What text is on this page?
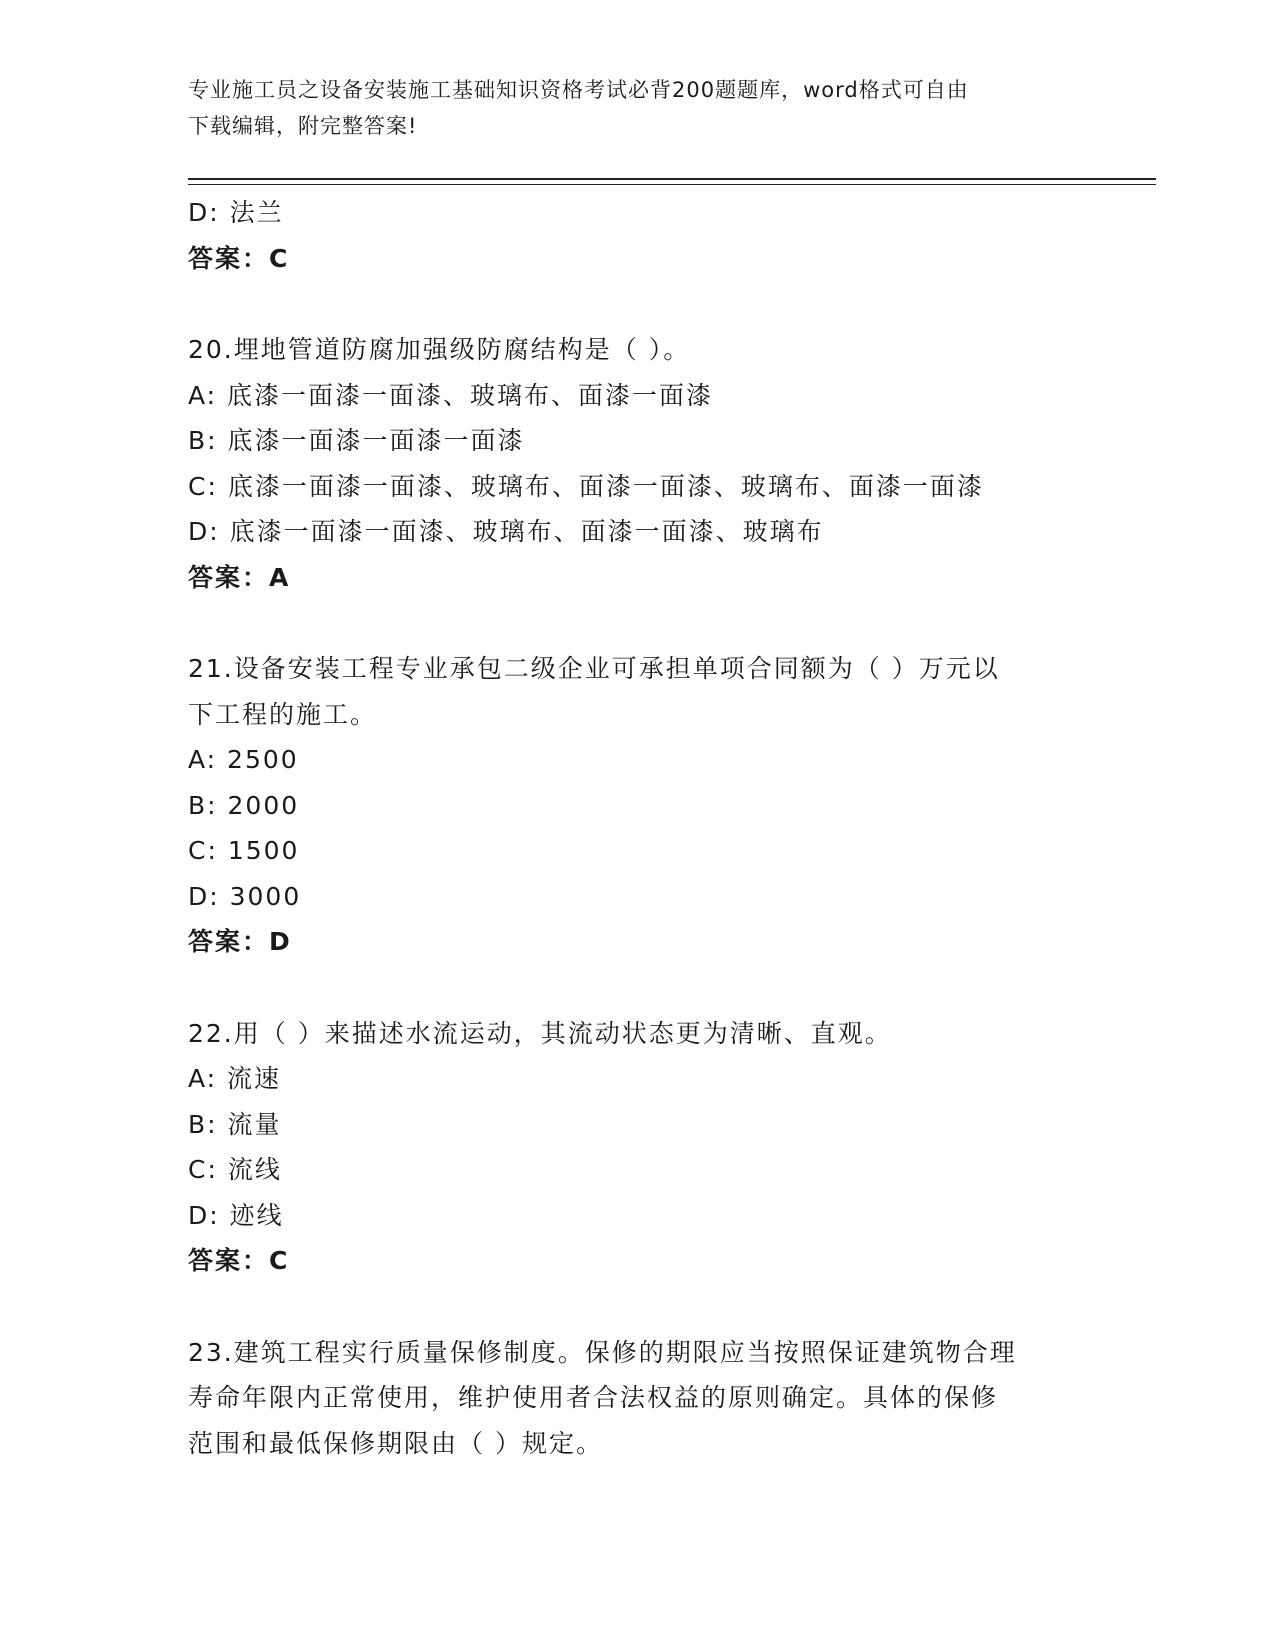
专业施工员之设备安装施工基础知识资格考试必背200题题库，word格式可自由
下载编辑，附完整答案!
D: 法兰
答案：C
20.埋地管道防腐加强级防腐结构是（ ）。
A: 底漆一面漆一面漆、玻璃布、面漆一面漆
B: 底漆一面漆一面漆一面漆
C: 底漆一面漆一面漆、玻璃布、面漆一面漆、玻璃布、面漆一面漆
D: 底漆一面漆一面漆、玻璃布、面漆一面漆、玻璃布
答案：A
21.设备安装工程专业承包二级企业可承担单项合同额为（ ）万元以
下工程的施工。
A: 2500
B: 2000
C: 1500
D: 3000
答案：D
22.用（ ）来描述水流运动，其流动状态更为清晰、直观。
A: 流速
B: 流量
C: 流线
D: 迹线
答案：C
23.建筑工程实行质量保修制度。保修的期限应当按照保证建筑物合理
寿命年限内正常使用，维护使用者合法权益的原则确定。具体的保修
范围和最低保修期限由（ ）规定。
